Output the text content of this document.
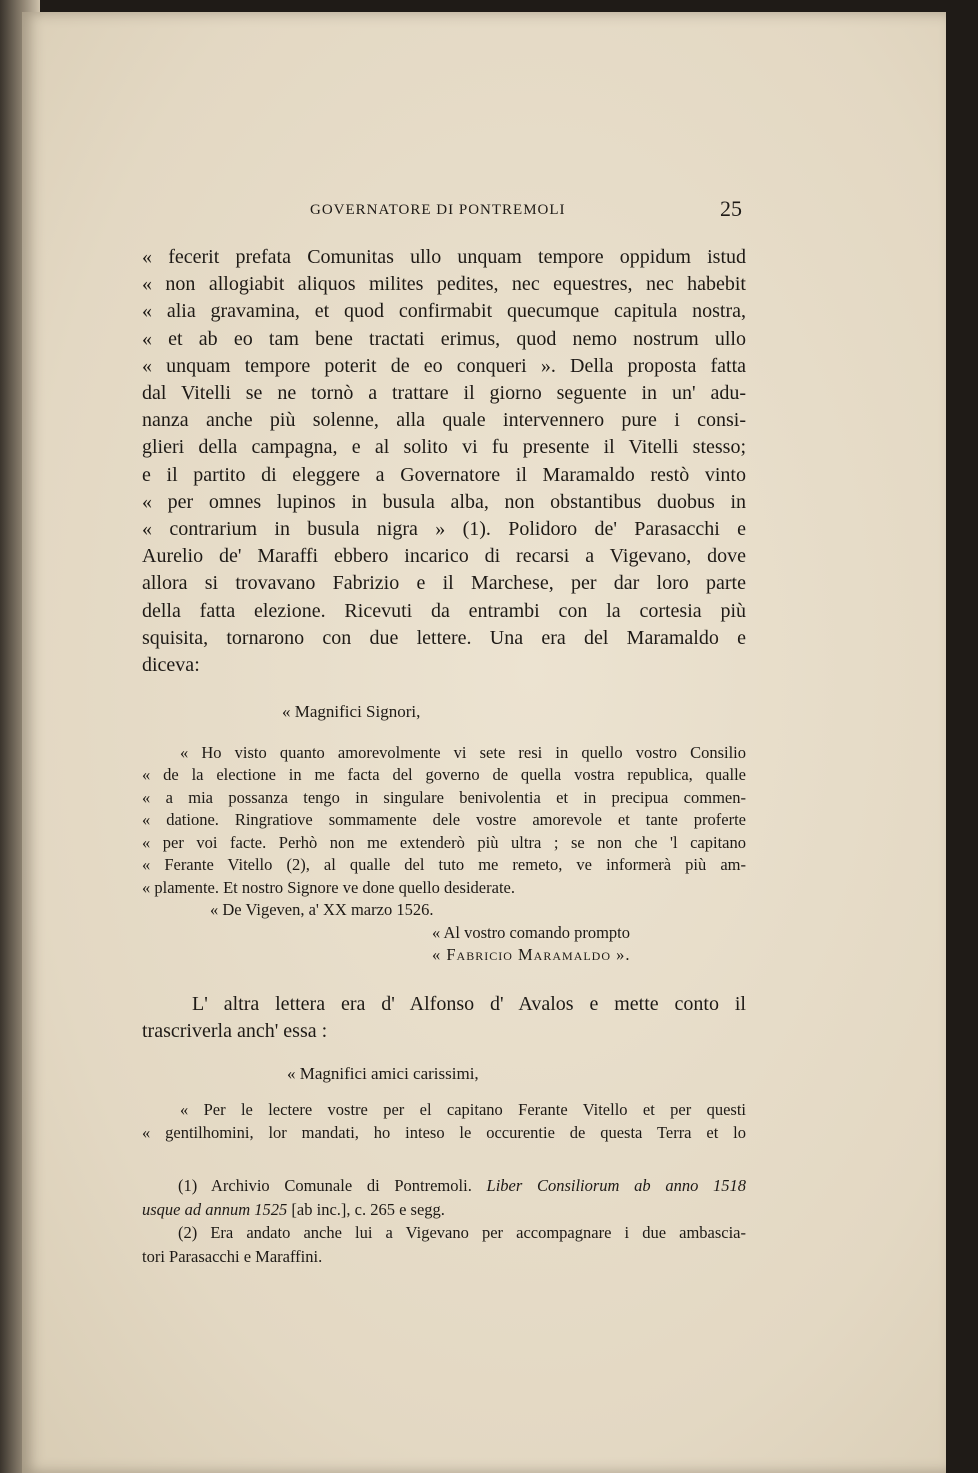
GOVERNATORE DI PONTREMOLI	25
« fecerit prefata Comunitas ullo unquam tempore oppidum istud
« non allogiabit aliquos milites pedites, nec equestres, nec habebit
« alia gravamina, et quod confirmabit quecumque capitula nostra,
« et ab eo tam bene tractati erimus, quod nemo nostrum ullo
« unquam tempore poterit de eo conqueri ». Della proposta fatta
dal Vitelli se ne tornò a trattare il giorno seguente in un' adu-
nanza anche più solenne, alla quale intervennero pure i consi-
glieri della campagna, e al solito vi fu presente il Vitelli stesso;
e il partito di eleggere a Governatore il Maramaldo restò vinto
« per omnes lupinos in busula alba, non obstantibus duobus in
« contrarium in busula nigra » (1). Polidoro de' Parasacchi e
Aurelio de' Maraffi ebbero incarico di recarsi a Vigevano, dove
allora si trovavano Fabrizio e il Marchese, per dar loro parte
della fatta elezione. Ricevuti da entrambi con la cortesia più
squisita, tornarono con due lettere. Una era del Maramaldo e
diceva:
« Magnifici Signori,
« Ho visto quanto amorevolmente vi sete resi in quello vostro Consilio
« de la electione in me facta del governo de quella vostra republica, qualle
« a mia possanza tengo in singulare benivolentia et in precipua commen-
« datione. Ringratiove sommamente dele vostre amorevole et tante proferte
« per voi facte. Perhò non me extenderò più ultra ; se non che 'l capitano
« Ferante Vitello (2), al qualle del tuto me remeto, ve informerà più am-
« plamente. Et nostro Signore ve done quello desiderate.
« De Vigeven, a' XX marzo 1526.
« Al vostro comando prompto
« Fabricio Maramaldo ».
L' altra lettera era d' Alfonso d' Avalos e mette conto il
trascriverla anch' essa :
« Magnifici amici carissimi,
« Per le lectere vostre per el capitano Ferante Vitello et per questi
« gentilhomini, lor mandati, ho inteso le occurentie de questa Terra et lo
(1) Archivio Comunale di Pontremoli. Liber Consiliorum ab anno 1518
usque ad annum 1525 [ab inc.], c. 265 e segg.
(2) Era andato anche lui a Vigevano per accompagnare i due ambascia-
tori Parasacchi e Maraffini.
